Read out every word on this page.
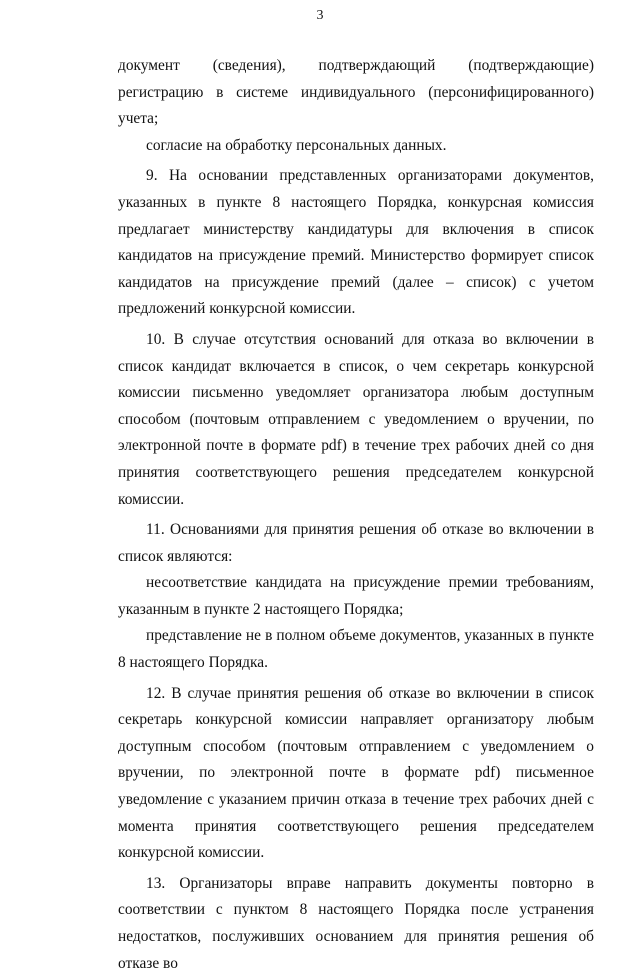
3

документ (сведения), подтверждающий (подтверждающие) регистрацию в системе индивидуального (персонифицированного) учета;

согласие на обработку персональных данных.

9. На основании представленных организаторами документов, указанных в пункте 8 настоящего Порядка, конкурсная комиссия предлагает министерству кандидатуры для включения в список кандидатов на присуждение премий. Министерство формирует список кандидатов на присуждение премий (далее – список) с учетом предложений конкурсной комиссии.

10. В случае отсутствия оснований для отказа во включении в список кандидат включается в список, о чем секретарь конкурсной комиссии письменно уведомляет организатора любым доступным способом (почтовым отправлением с уведомлением о вручении, по электронной почте в формате pdf) в течение трех рабочих дней со дня принятия соответствующего решения председателем конкурсной комиссии.

11. Основаниями для принятия решения об отказе во включении в список являются:

несоответствие кандидата на присуждение премии требованиям, указанным в пункте 2 настоящего Порядка;

представление не в полном объеме документов, указанных в пункте 8 настоящего Порядка.

12. В случае принятия решения об отказе во включении в список секретарь конкурсной комиссии направляет организатору любым доступным способом (почтовым отправлением с уведомлением о вручении, по электронной почте в формате pdf) письменное уведомление с указанием причин отказа в течение трех рабочих дней с момента принятия соответствующего решения председателем конкурсной комиссии.

13. Организаторы вправе направить документы повторно в соответствии с пунктом 8 настоящего Порядка после устранения недостатков, послуживших основанием для принятия решения об отказе во
